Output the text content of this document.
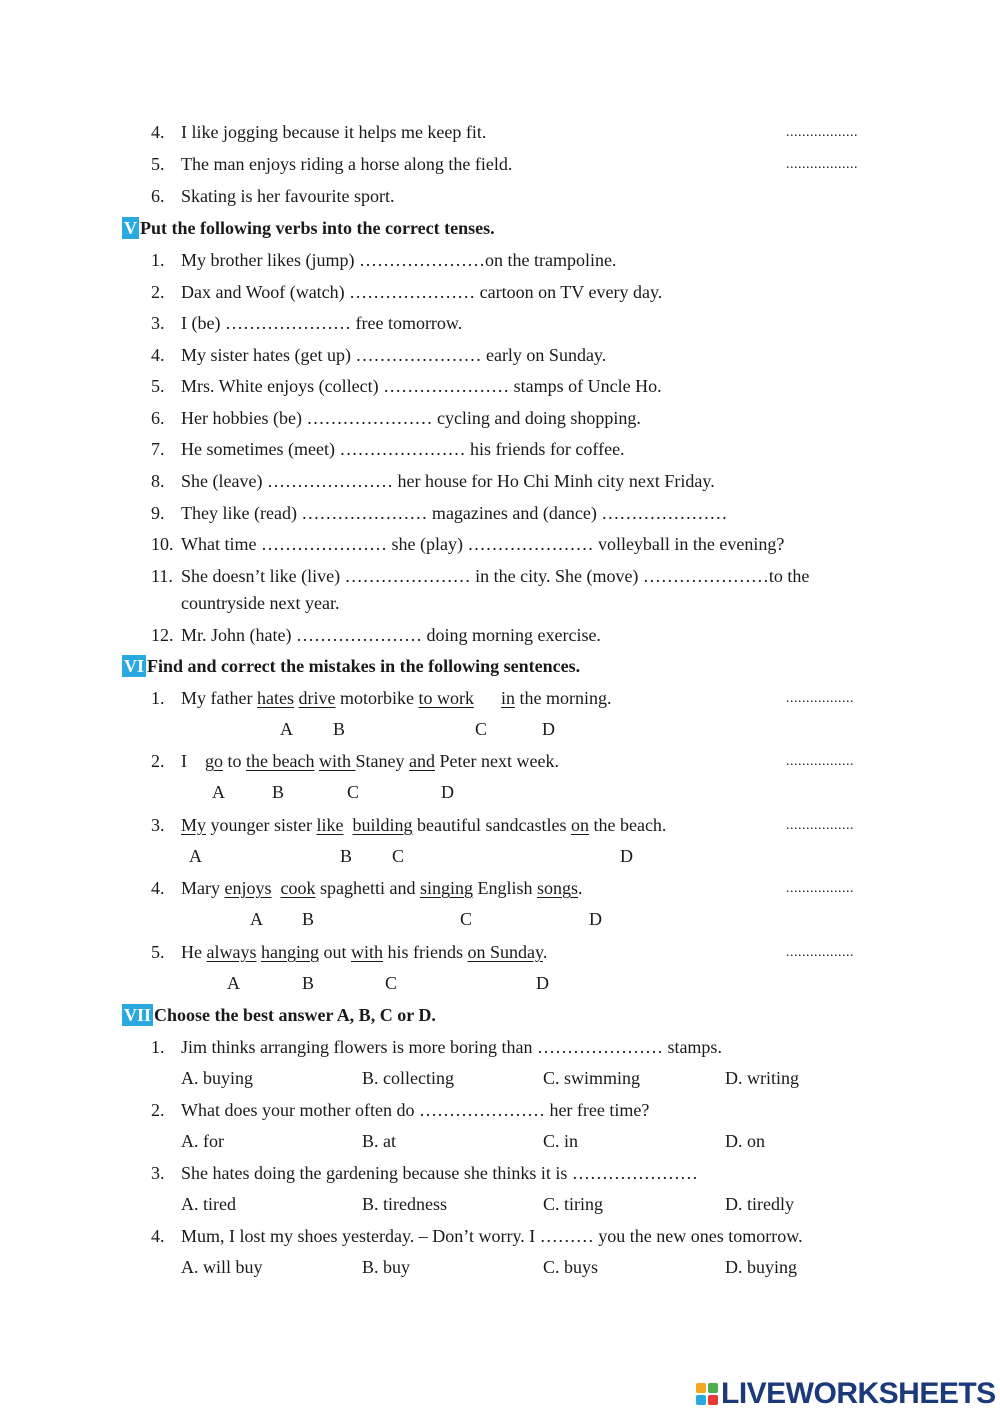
4. I like jogging because it helps me keep fit.	..................
5. The man enjoys riding a horse along the field.	..................
6. Skating is her favourite sport.
V Put the following verbs into the correct tenses.
1. My brother likes (jump) …………………on the trampoline.
2. Dax and Woof (watch) ………………… cartoon on TV every day.
3. I (be) ………………… free tomorrow.
4. My sister hates (get up) ………………… early on Sunday.
5. Mrs. White enjoys (collect) ………………… stamps of Uncle Ho.
6. Her hobbies (be) ………………… cycling and doing shopping.
7. He sometimes (meet) ………………… his friends for coffee.
8. She (leave) ………………… her house for Ho Chi Minh city next Friday.
9. They like (read) ………………… magazines and (dance) …………………
10. What time ………………… she (play) ………………… volleyball in the evening?
11. She doesn’t like (live) ………………… in the city. She (move) …………………to the
countryside next year.
12. Mr. John (hate) ………………… doing morning exercise.
VI Find and correct the mistakes in the following sentences.
1. My father hates drive motorbike to work in the morning.	.................
A B	C	D
2. I    go to the beach with Staney and Peter next week.	.................
A	B	C	D
3. My younger sister like building beautiful sandcastles on the beach.	.................
A	B C	D
4. Mary enjoys cook spaghetti and singing English songs.	.................
A B	C	D
5. He always hanging out with his friends on Sunday.	.................
A	B	C	D
VII Choose the best answer A, B, C or D.
1. Jim thinks arranging flowers is more boring than ………………… stamps.
A. buying	B. collecting	C. swimming	D. writing
2. What does your mother often do ………………… her free time?
A. for	B. at	C. in	D. on
3. She hates doing the gardening because she thinks it is …………………
A. tired	B. tiredness	C. tiring	D. tiredly
4. Mum, I lost my shoes yesterday. – Don’t worry. I ……… you the new ones tomorrow.
A. will buy	B. buy	C. buys	D. buying
LIVEWORKSHEETS
